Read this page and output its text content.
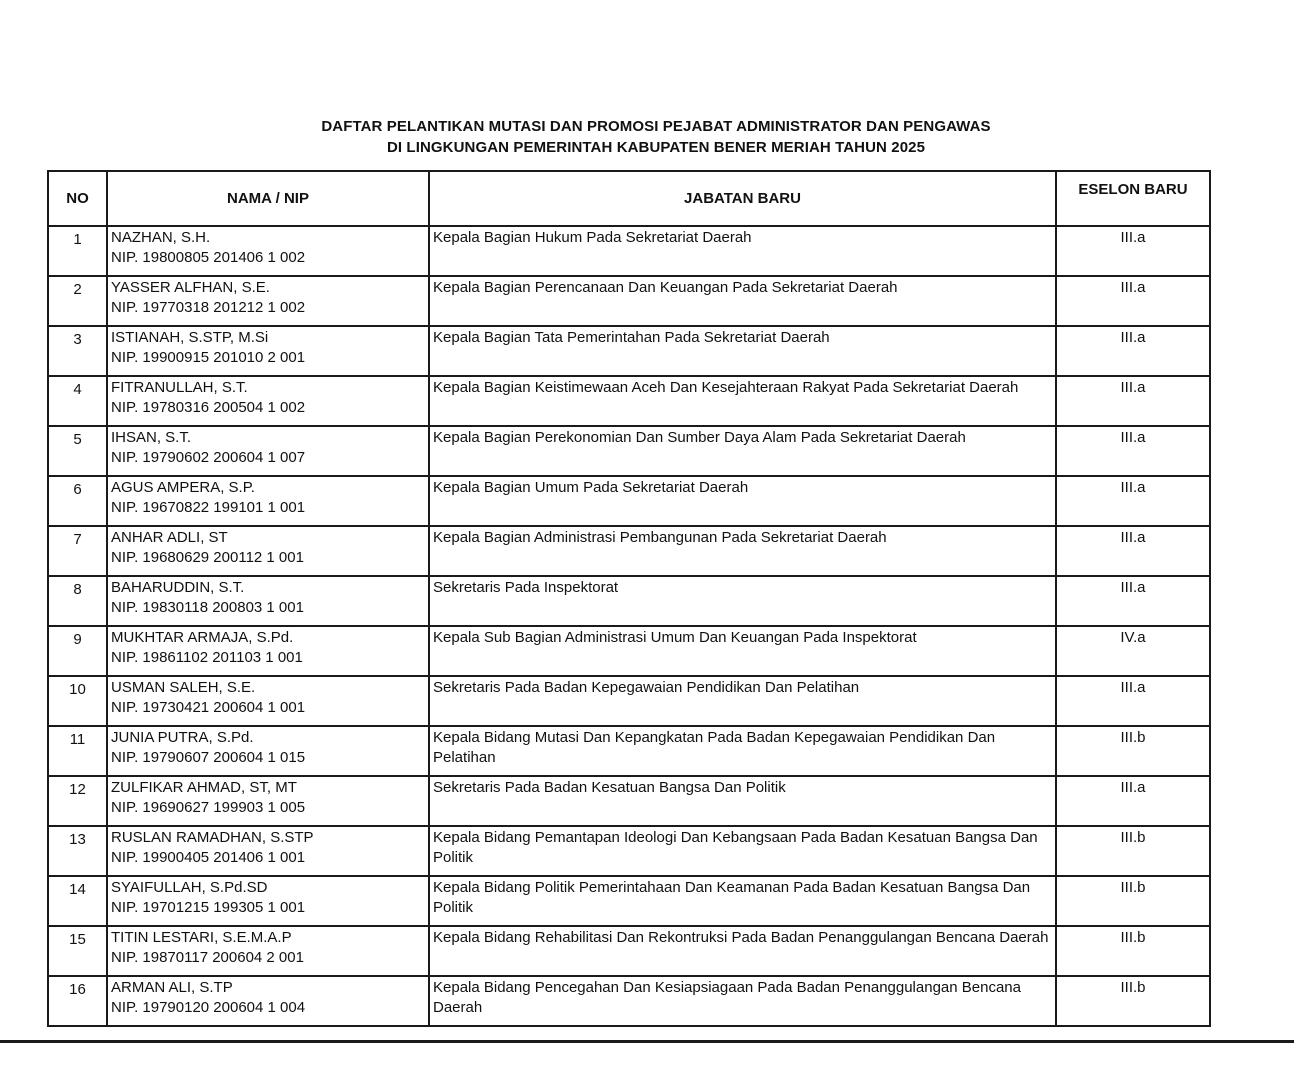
DAFTAR PELANTIKAN MUTASI DAN PROMOSI PEJABAT ADMINISTRATOR DAN PENGAWAS
DI LINGKUNGAN PEMERINTAH KABUPATEN BENER MERIAH TAHUN 2025
NO	NAMA / NIP	JABATAN BARU	ESELON BARU
1	NAZHAN, S.H.
NIP. 19800805 201406 1 002	Kepala Bagian Hukum Pada Sekretariat Daerah	III.a
2	YASSER ALFHAN, S.E.
NIP. 19770318 201212 1 002	Kepala Bagian Perencanaan Dan Keuangan Pada Sekretariat Daerah	III.a
3	ISTIANAH, S.STP, M.Si
NIP. 19900915 201010 2 001	Kepala Bagian Tata Pemerintahan Pada Sekretariat Daerah	III.a
4	FITRANULLAH, S.T.
NIP. 19780316 200504 1 002	Kepala Bagian Keistimewaan Aceh Dan Kesejahteraan Rakyat Pada Sekretariat Daerah	III.a
5	IHSAN, S.T.
NIP. 19790602 200604 1 007	Kepala Bagian Perekonomian Dan Sumber Daya Alam Pada Sekretariat Daerah	III.a
6	AGUS AMPERA, S.P.
NIP. 19670822 199101 1 001	Kepala Bagian Umum Pada Sekretariat Daerah	III.a
7	ANHAR ADLI, ST
NIP. 19680629 200112 1 001	Kepala Bagian Administrasi Pembangunan Pada Sekretariat Daerah	III.a
8	BAHARUDDIN, S.T.
NIP. 19830118 200803 1 001	Sekretaris Pada Inspektorat	III.a
9	MUKHTAR ARMAJA, S.Pd.
NIP. 19861102 201103 1 001	Kepala Sub Bagian Administrasi Umum Dan Keuangan Pada Inspektorat	IV.a
10	USMAN SALEH, S.E.
NIP. 19730421 200604 1 001	Sekretaris Pada Badan Kepegawaian Pendidikan Dan Pelatihan	III.a
11	JUNIA PUTRA, S.Pd.
NIP. 19790607 200604 1 015	Kepala Bidang Mutasi Dan Kepangkatan Pada Badan Kepegawaian Pendidikan Dan Pelatihan	III.b
12	ZULFIKAR AHMAD, ST, MT
NIP. 19690627 199903 1 005	Sekretaris Pada Badan Kesatuan Bangsa Dan Politik	III.a
13	RUSLAN RAMADHAN, S.STP
NIP. 19900405 201406 1 001	Kepala Bidang Pemantapan Ideologi Dan Kebangsaan Pada Badan Kesatuan Bangsa Dan Politik	III.b
14	SYAIFULLAH, S.Pd.SD
NIP. 19701215 199305 1 001	Kepala Bidang Politik Pemerintahaan Dan Keamanan Pada Badan Kesatuan Bangsa Dan Politik	III.b
15	TITIN LESTARI, S.E.M.A.P
NIP. 19870117 200604 2 001	Kepala Bidang Rehabilitasi Dan Rekontruksi Pada Badan Penanggulangan Bencana Daerah	III.b
16	ARMAN ALI, S.TP
NIP. 19790120 200604 1 004	Kepala Bidang Pencegahan Dan Kesiapsiagaan Pada Badan Penanggulangan Bencana Daerah	III.b
